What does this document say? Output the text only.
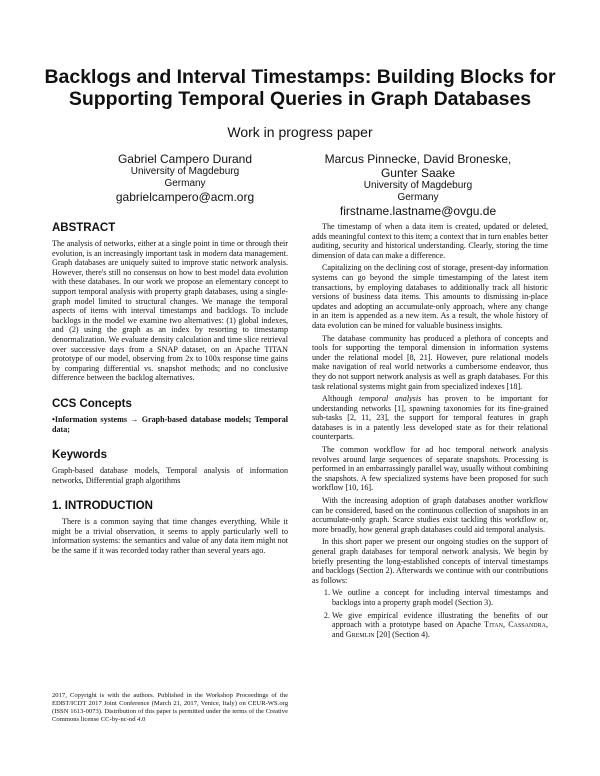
Backlogs and Interval Timestamps: Building Blocks for Supporting Temporal Queries in Graph Databases
Work in progress paper
Gabriel Campero Durand
University of Magdeburg
Germany
gabrielcampero@acm.org
Marcus Pinnecke, David Broneske,
Gunter Saake
University of Magdeburg
Germany
firstname.lastname@ovgu.de
ABSTRACT

The analysis of networks, either at a single point in time or through their evolution, is an increasingly important task in modern data management. Graph databases are uniquely suited to improve static network analysis. However, there's still no consensus on how to best model data evolution with these databases. In our work we propose an elementary concept to support temporal analysis with property graph databases, using a single-graph model limited to structural changes. We manage the temporal aspects of items with interval timestamps and backlogs. To include backlogs in the model we examine two alternatives: (1) global indexes, and (2) using the graph as an index by resorting to timestamp denormalization. We evaluate density calculation and time slice retrieval over successive days from a SNAP dataset, on an Apache TITAN prototype of our model, observing from 2x to 100x response time gains by comparing differential vs. snapshot methods; and no conclusive difference between the backlog alternatives.

CCS Concepts

•Information systems → Graph-based database models; Temporal data;

Keywords

Graph-based database models, Temporal analysis of information networks, Differential graph algorithms

1. INTRODUCTION

There is a common saying that time changes everything. While it might be a trivial observation, it seems to apply particularly well to information systems: the semantics and value of any data item might not be the same if it was recorded today rather than several years ago.

2017, Copyright is with the authors. Published in the Workshop Proceedings of the EDBT/ICDT 2017 Joint Conference (March 21, 2017, Venice, Italy) on CEUR-WS.org (ISSN 1613-0073). Distribution of this paper is permitted under the terms of the Creative Commons license CC-by-nc-nd 4.0

The timestamp of when a data item is created, updated or deleted, adds meaningful context to this item; a context that in turn enables better auditing, security and historical understanding. Clearly, storing the time dimension of data can make a difference.

Capitalizing on the declining cost of storage, present-day information systems can go beyond the simple timestamping of the latest item transactions, by employing databases to additionally track all historic versions of business data items. This amounts to dismissing in-place updates and adopting an accumulate-only approach, where any change in an item is appended as a new item. As a result, the whole history of data evolution can be mined for valuable business insights.

The database community has produced a plethora of concepts and tools for supporting the temporal dimension in information systems under the relational model [8, 21]. However, pure relational models make navigation of real world networks a cumbersome endeavor, thus they do not support network analysis as well as graph databases. For this task relational systems might gain from specialized indexes [18].

Although temporal analysis has proven to be important for understanding networks [1], spawning taxonomies for its fine-grained sub-tasks [2, 11, 23], the support for temporal features in graph databases is in a patently less developed state as for their relational counterparts.

The common workflow for ad hoc temporal network analysis revolves around large sequences of separate snapshots. Processing is performed in an embarrassingly parallel way, usually without combining the snapshots. A few specialized systems have been proposed for such workflow [10, 16].

With the increasing adoption of graph databases another workflow can be considered, based on the continuous collection of snapshots in an accumulate-only graph. Scarce studies exist tackling this workflow or, more broadly, how general graph databases could aid temporal analysis.

In this short paper we present our ongoing studies on the support of general graph databases for temporal network analysis. We begin by briefly presenting the long-established concepts of interval timestamps and backlogs (Section 2). Afterwards we continue with our contributions as follows:

1. We outline a concept for including interval timestamps and backlogs into a property graph model (Section 3).
2. We give empirical evidence illustrating the benefits of our approach with a prototype based on Apache Titan, Cassandra, and Gremlin [20] (Section 4).
